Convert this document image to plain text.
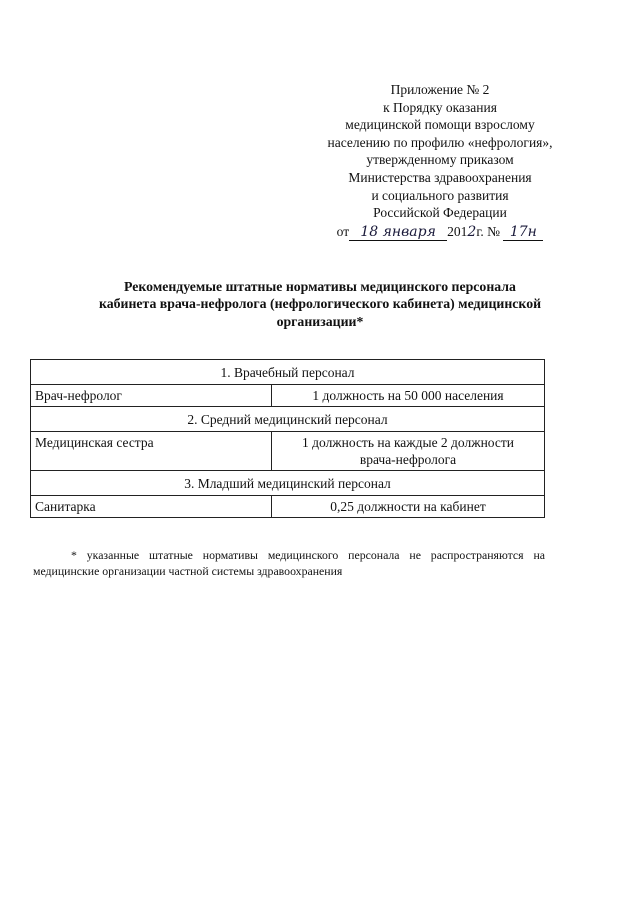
Приложение № 2
к Порядку оказания
медицинской помощи взрослому
населению по профилю «нефрология»,
утвержденному приказом
Министерства здравоохранения
и социального развития
Российской Федерации
от 18 января 2012г. № 17н
Рекомендуемые штатные нормативы медицинского персонала
кабинета врача-нефролога (нефрологического кабинета) медицинской
организации*
1. Врачебный персонал	
Врач-нефролог	1 должность на 50 000 населения

2. Средний медицинский персонал	
Медицинская сестра	1 должность на каждые 2 должности
врача-нефролога

3. Младший медицинский персонал	
Санитарка	0,25 должности на кабинет
* указанные штатные нормативы медицинского персонала не распространяются на
медицинские организации частной системы здравоохранения
